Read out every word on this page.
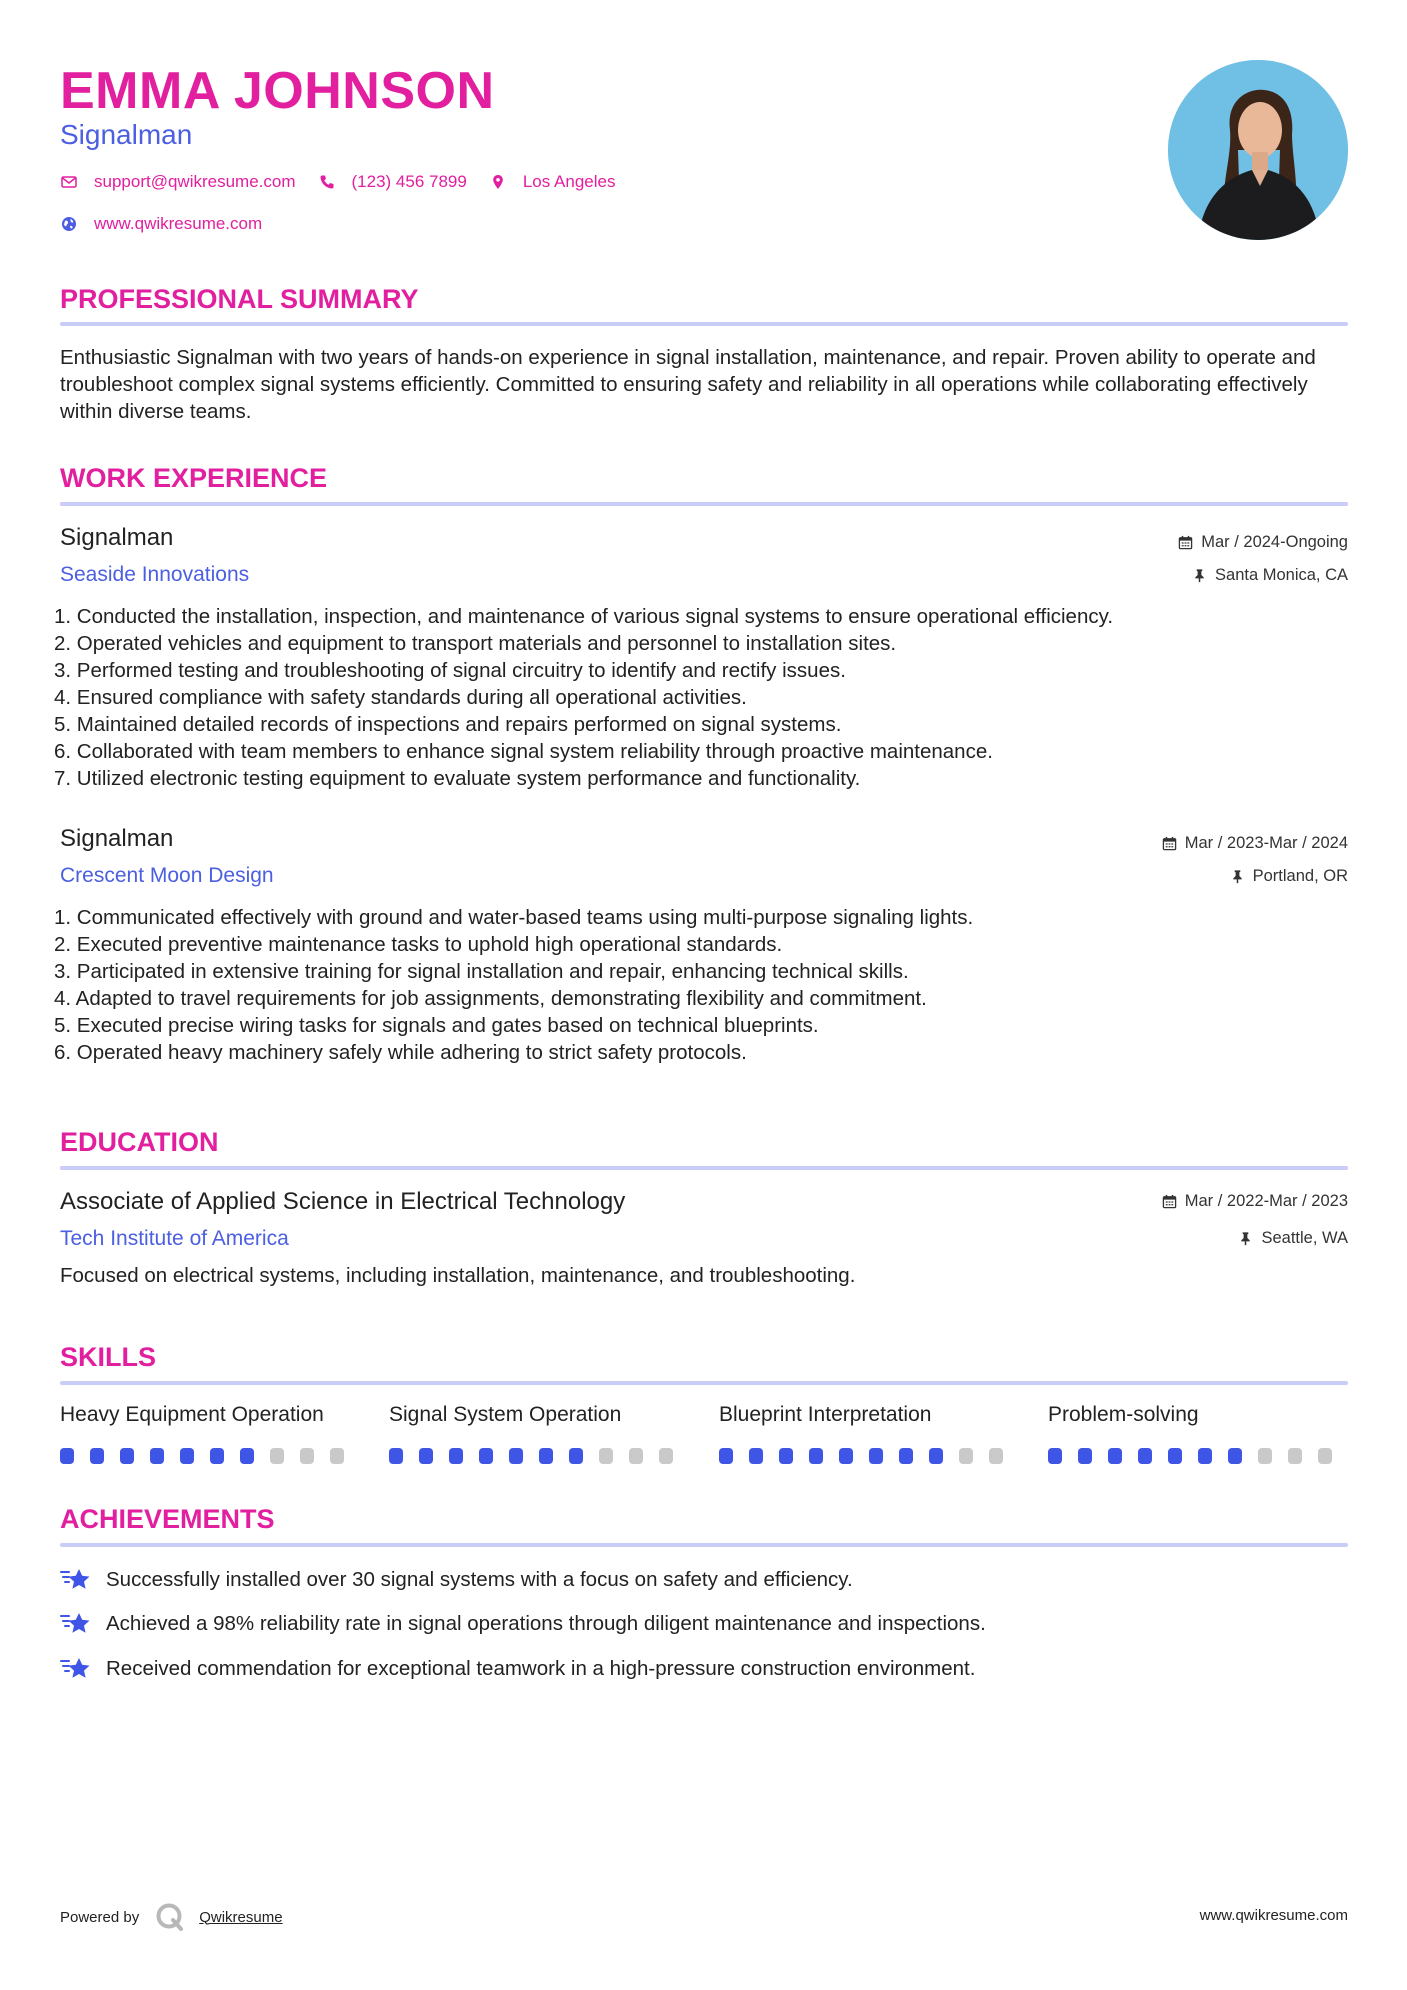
EMMA JOHNSON
Signalman
support@qwikresume.com	(123) 456 7899	Los Angeles
www.qwikresume.com
PROFESSIONAL SUMMARY
Enthusiastic Signalman with two years of hands-on experience in signal installation, maintenance, and repair. Proven ability to operate and troubleshoot complex signal systems efficiently. Committed to ensuring safety and reliability in all operations while collaborating effectively within diverse teams.
WORK EXPERIENCE
Signalman
Seaside Innovations
Mar / 2024-Ongoing
Santa Monica, CA
1. Conducted the installation, inspection, and maintenance of various signal systems to ensure operational efficiency.
2. Operated vehicles and equipment to transport materials and personnel to installation sites.
3. Performed testing and troubleshooting of signal circuitry to identify and rectify issues.
4. Ensured compliance with safety standards during all operational activities.
5. Maintained detailed records of inspections and repairs performed on signal systems.
6. Collaborated with team members to enhance signal system reliability through proactive maintenance.
7. Utilized electronic testing equipment to evaluate system performance and functionality.
Signalman
Crescent Moon Design
Mar / 2023-Mar / 2024
Portland, OR
1. Communicated effectively with ground and water-based teams using multi-purpose signaling lights.
2. Executed preventive maintenance tasks to uphold high operational standards.
3. Participated in extensive training for signal installation and repair, enhancing technical skills.
4. Adapted to travel requirements for job assignments, demonstrating flexibility and commitment.
5. Executed precise wiring tasks for signals and gates based on technical blueprints.
6. Operated heavy machinery safely while adhering to strict safety protocols.
EDUCATION
Associate of Applied Science in Electrical Technology
Tech Institute of America
Mar / 2022-Mar / 2023
Seattle, WA
Focused on electrical systems, including installation, maintenance, and troubleshooting.
SKILLS
Heavy Equipment Operation	Signal System Operation	Blueprint Interpretation	Problem-solving
ACHIEVEMENTS
Successfully installed over 30 signal systems with a focus on safety and efficiency.
Achieved a 98% reliability rate in signal operations through diligent maintenance and inspections.
Received commendation for exceptional teamwork in a high-pressure construction environment.
Powered by	Qwikresume	www.qwikresume.com
